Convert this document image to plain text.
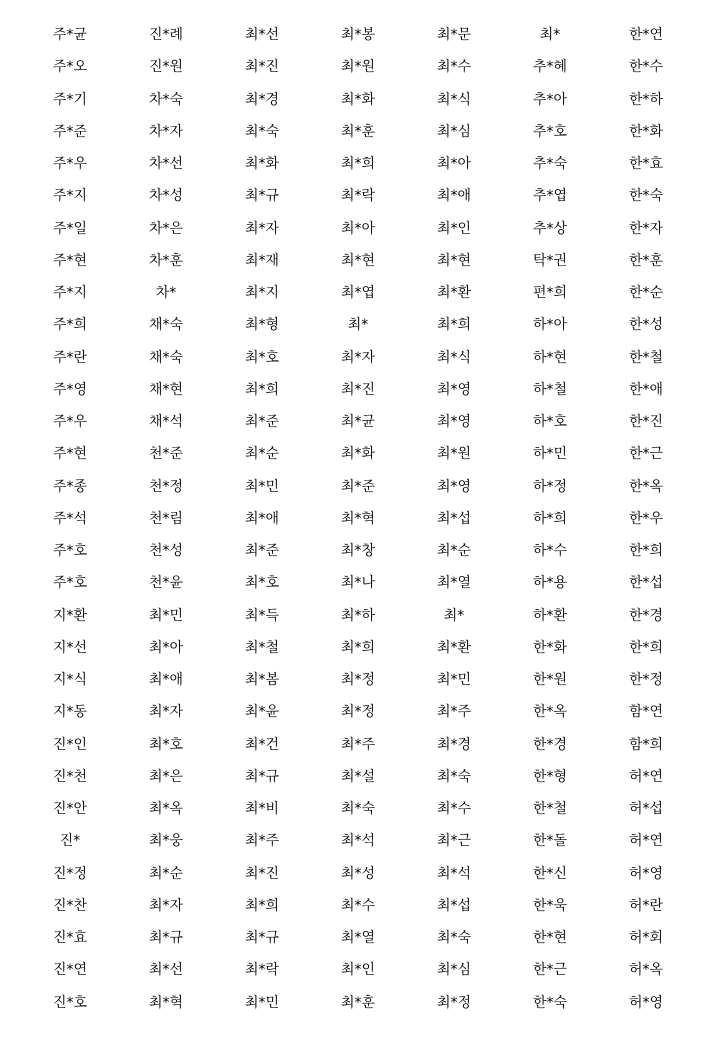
주*균	진*례	최*선	최*봉	최*문	최*	한*연
주*오	진*원	최*진	최*원	최*수	추*혜	한*수
주*기	차*숙	최*경	최*화	최*식	추*아	한*하
주*준	차*자	최*숙	최*훈	최*심	추*호	한*화
주*우	차*선	최*화	최*희	최*아	추*숙	한*효
주*지	차*성	최*규	최*락	최*애	추*엽	한*숙
주*일	차*은	최*자	최*아	최*인	추*상	한*자
주*현	차*훈	최*재	최*현	최*현	탁*권	한*훈
주*지	차*	최*지	최*엽	최*환	편*희	한*순
주*희	채*숙	최*형	최*	최*희	하*아	한*성
주*란	채*숙	최*호	최*자	최*식	하*현	한*철
주*영	채*현	최*희	최*진	최*영	하*철	한*애
주*우	채*석	최*준	최*균	최*영	하*호	한*진
주*현	천*준	최*순	최*화	최*원	하*민	한*근
주*종	천*정	최*민	최*준	최*영	하*정	한*옥
주*석	천*림	최*애	최*혁	최*섭	하*희	한*우
주*호	천*성	최*준	최*창	최*순	하*수	한*희
주*호	천*윤	최*호	최*나	최*열	하*용	한*섭
지*환	최*민	최*득	최*하	최*	하*환	한*경
지*선	최*아	최*철	최*희	최*환	한*화	한*희
지*식	최*애	최*봄	최*정	최*민	한*원	한*정
지*동	최*자	최*윤	최*정	최*주	한*옥	함*연
진*인	최*호	최*건	최*주	최*경	한*경	함*희
진*천	최*은	최*규	최*설	최*숙	한*형	허*연
진*안	최*옥	최*비	최*숙	최*수	한*철	허*섭
진*	최*웅	최*주	최*석	최*근	한*돌	허*연
진*정	최*순	최*진	최*성	최*석	한*신	허*영
진*찬	최*자	최*희	최*수	최*섭	한*욱	허*란
진*효	최*규	최*규	최*열	최*숙	한*현	허*회
진*연	최*선	최*락	최*인	최*심	한*근	허*옥
진*호	최*혁	최*민	최*훈	최*정	한*숙	허*영
